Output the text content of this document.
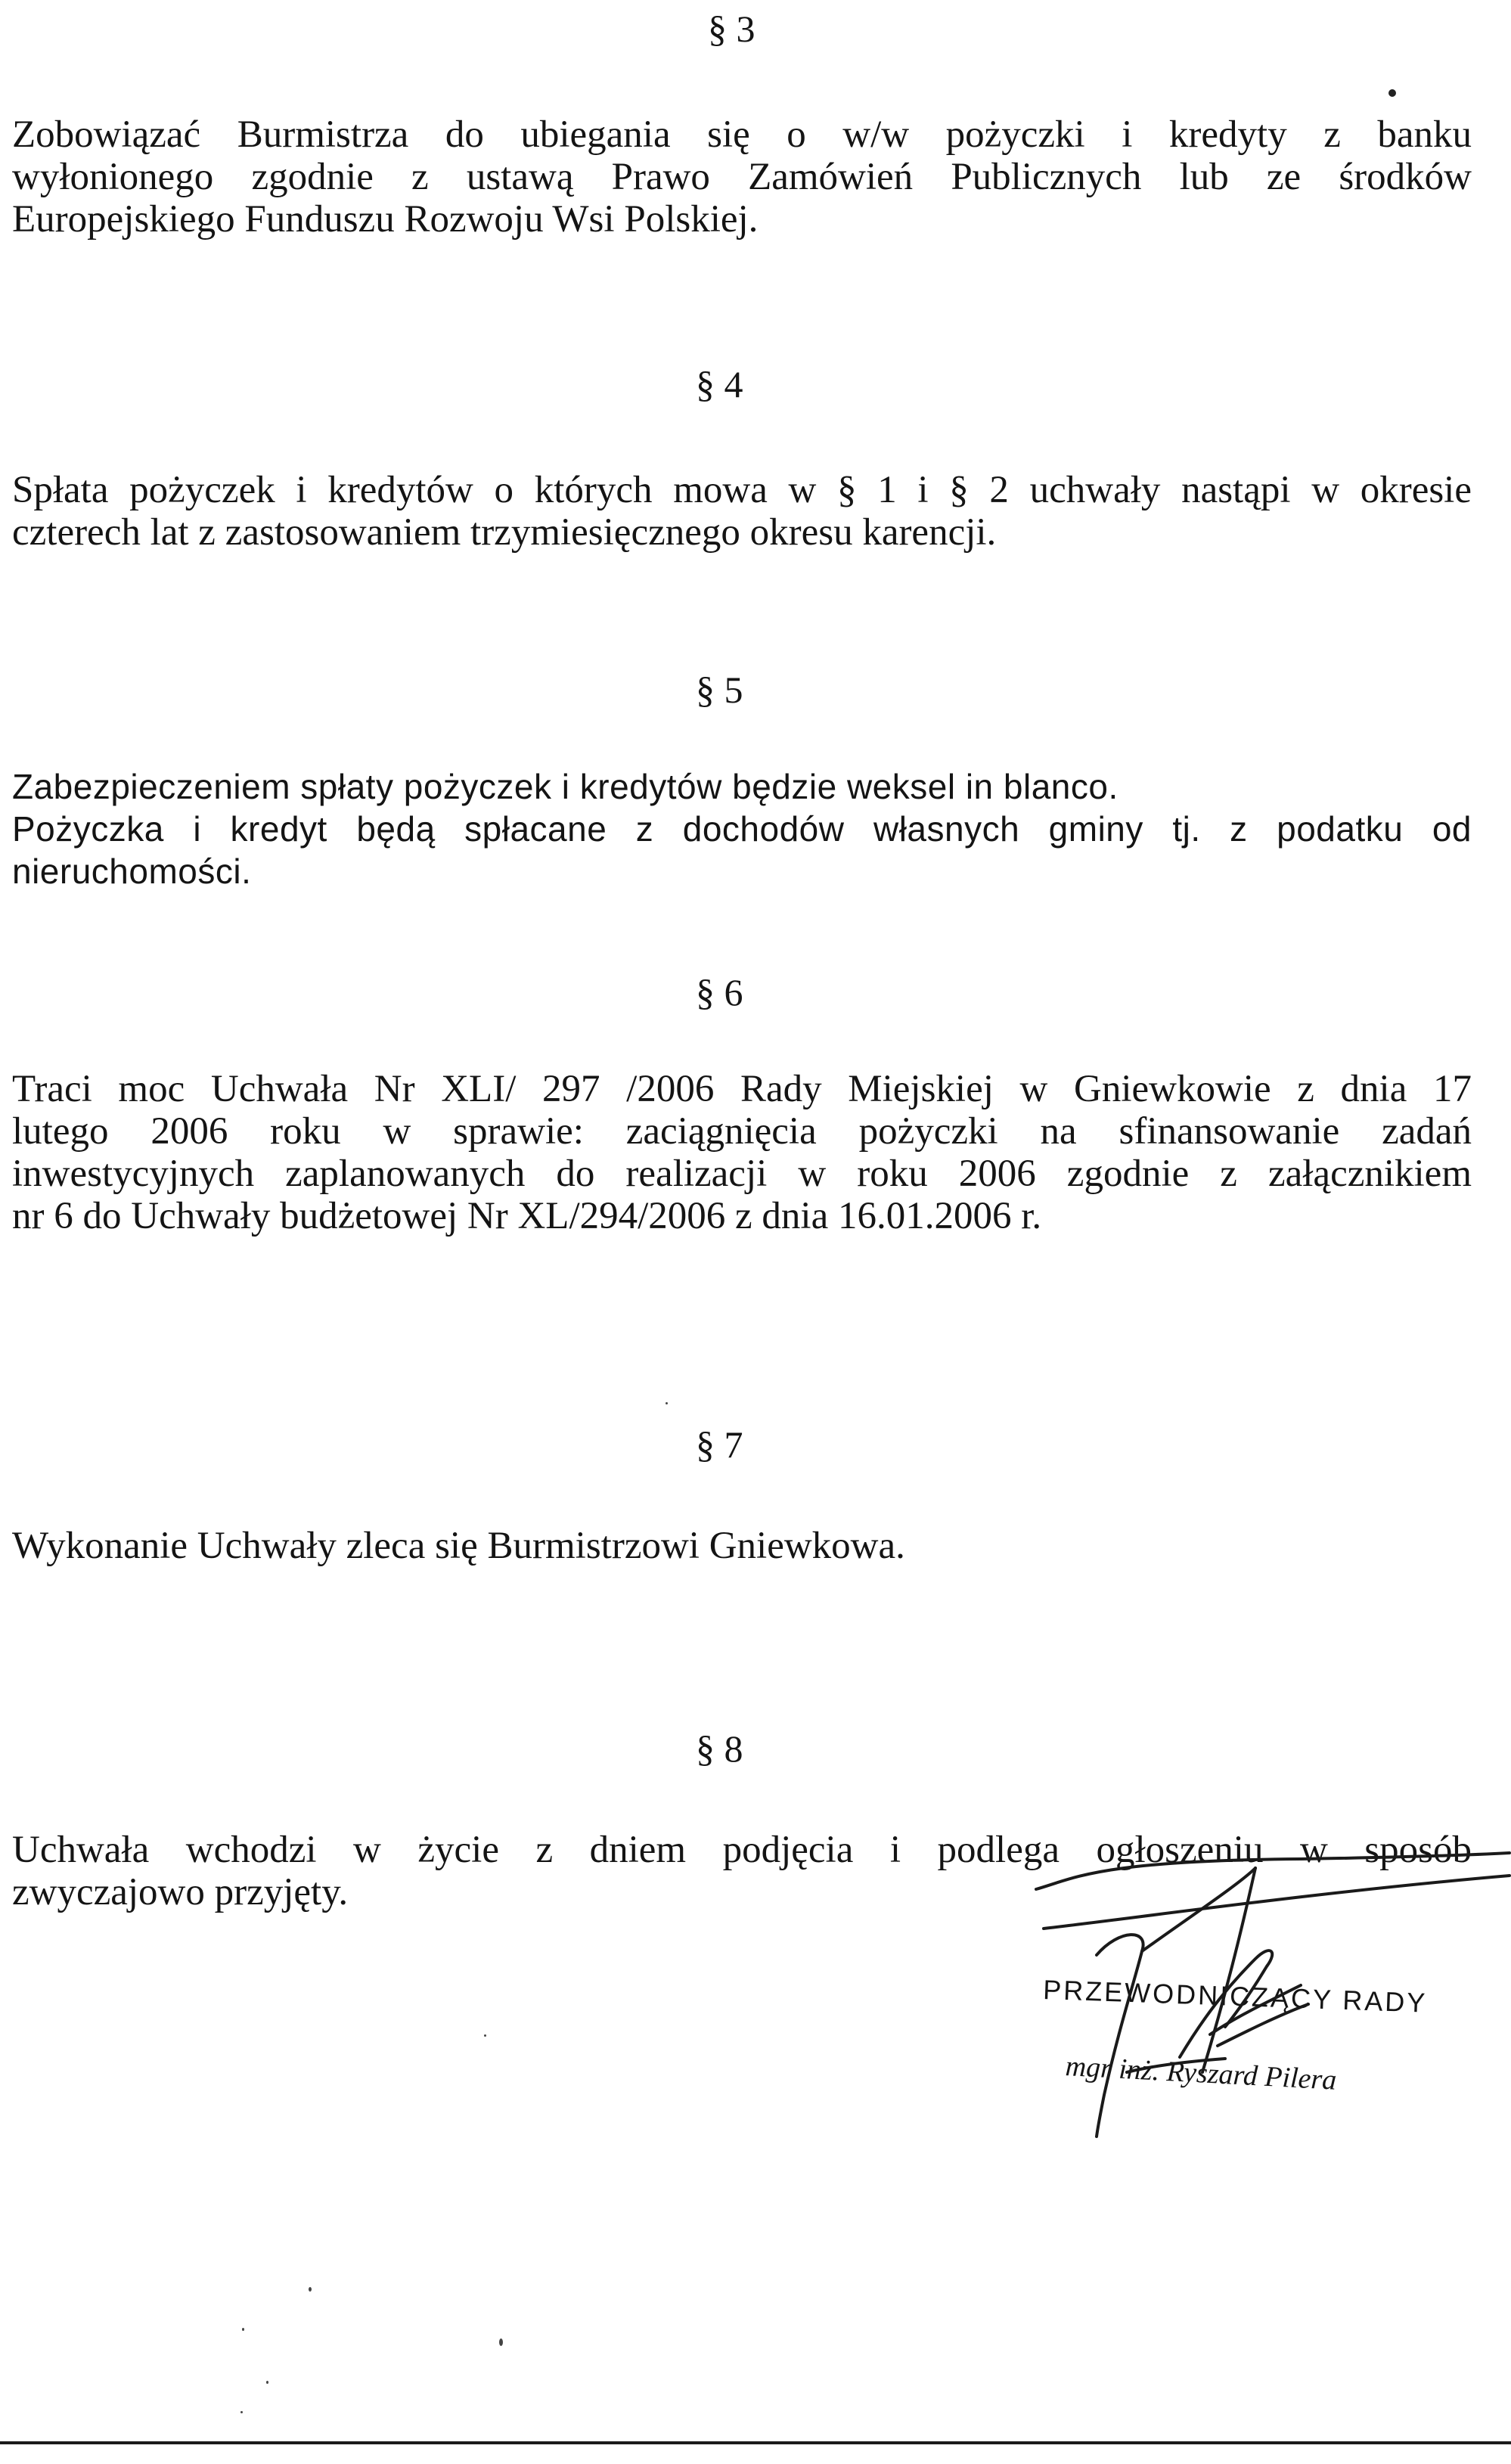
§ 3
Zobowiązać Burmistrza do ubiegania się o w/w pożyczki i kredyty z banku
wyłonionego zgodnie z ustawą Prawo Zamówień Publicznych lub ze środków
Europejskiego Funduszu Rozwoju Wsi Polskiej.
§ 4
Spłata pożyczek i kredytów o których mowa w § 1 i § 2 uchwały nastąpi w okresie
czterech lat z zastosowaniem trzymiesięcznego okresu karencji.
§ 5
Zabezpieczeniem spłaty pożyczek i kredytów będzie weksel in blanco.
Pożyczka i kredyt będą spłacane z dochodów własnych gminy tj. z podatku od
nieruchomości.
§ 6
Traci moc Uchwała Nr XLI/ 297 /2006 Rady Miejskiej w Gniewkowie z dnia 17
lutego 2006 roku w sprawie: zaciągnięcia pożyczki na sfinansowanie zadań
inwestycyjnych zaplanowanych do realizacji w roku 2006 zgodnie z załącznikiem
nr 6 do Uchwały budżetowej Nr XL/294/2006 z dnia 16.01.2006 r.
§ 7
Wykonanie Uchwały zleca się Burmistrzowi Gniewkowa.
§ 8
Uchwała wchodzi w życie z dniem podjęcia i podlega ogłoszeniu w sposób
zwyczajowo przyjęty.
PRZEWODNICZĄCY RADY
mgr inż. Ryszard Pilera
